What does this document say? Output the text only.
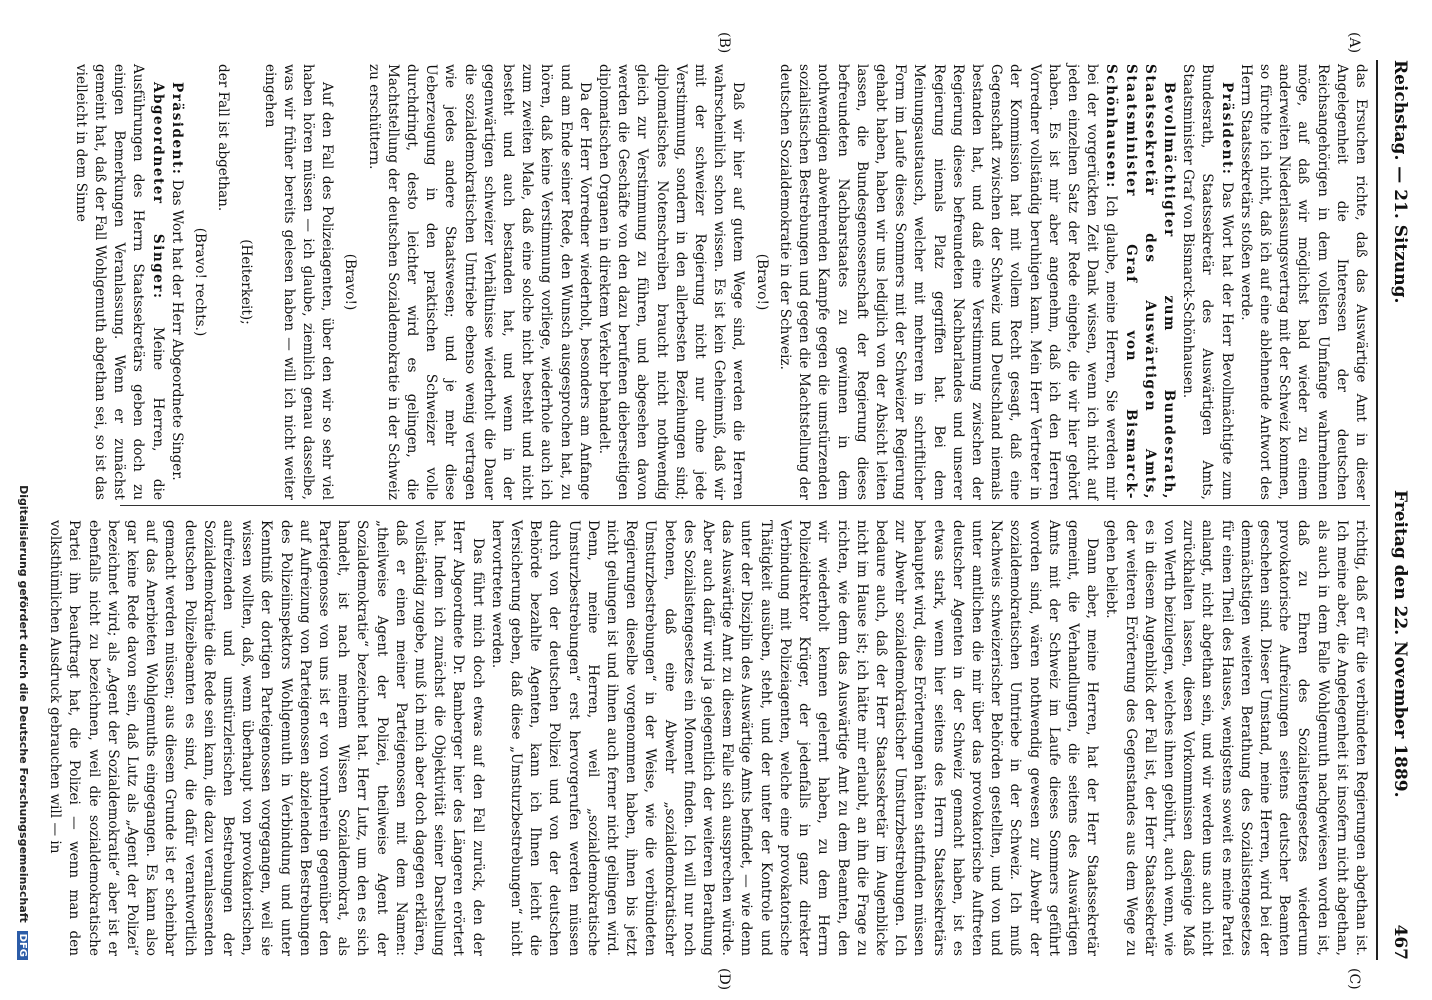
Reichstag. — 21. Sitzung.
Freitag den 22. November 1889.
467
(A)
(B)
(C)
(D)

das Ersuchen richte, daß das Auswärtige Amt in dieser Angelegenheit die Interessen der deutschen Reichsangehörigen in dem vollsten Umfange wahrnehmen möge, auf daß wir möglichst bald wieder zu einem anderweiten Niederlassungsvertrag mit der Schweiz kommen, so fürchte ich nicht, daß ich auf eine ablehnende Antwort des Herrn Staatssekretärs stoßen werde.

Präsident: Das Wort hat der Herr Bevollmächtigte zum Bundesrath, Staatssekretär des Auswärtigen Amts, Staatsminister Graf von Bismarck-Schönhausen.

Bevollmächtigter zum Bundesrath, Staatssekretär des Auswärtigen Amts, Staatsminister Graf von Bismarck-Schönhausen: Ich glaube, meine Herren, Sie werden mir bei der vorgerückten Zeit Dank wissen, wenn ich nicht auf jeden einzelnen Satz der Rede eingehe, die wir hier gehört haben. Es ist mir aber angenehm, daß ich den Herren Vorredner vollständig beruhigen kann. Mein Herr Vertreter in der Kommission hat mit vollem Recht gesagt, daß eine Gegenschaft zwischen der Schweiz und Deutschland niemals bestanden hat, und daß eine Verstimmung zwischen der Regierung dieses befreundeten Nachbarlandes und unserer Regierung niemals Platz gegriffen hat. Bei dem Meinungsaustausch, welcher mit mehreren in schriftlicher Form im Laufe dieses Sommers mit der Schweizer Regierung gehabt haben, haben wir uns lediglich von der Absicht leiten lassen, die Bundesgenossenschaft der Regierung dieses befreundeten Nachbarstaates zu gewinnen in dem nothwendigen abwehrenden Kampfe gegen die umstürzenden sozialistischen Bestrebungen und gegen die Machtstellung der deutschen Sozialdemokratie in der Schweiz.

(Bravo!)

Daß wir hier auf gutem Wege sind, werden die Herren wahrscheinlich schon wissen. Es ist kein Geheimniß, daß wir mit der schweizer Regierung nicht nur ohne jede Verstimmung, sondern in den allerbesten Beziehungen sind; diplomatisches Notenschreiben braucht nicht nothwendig gleich zur Verstimmung zu führen, und abgesehen davon werden die Geschäfte von den dazu berufenen dieberseitigen diplomatischen Organen in direktem Verkehr behandelt.

Da der Herr Vorredner wiederholt, besonders am Anfange und am Ende seiner Rede, den Wunsch ausgesprochen hat, zu hören, daß keine Verstimmung vorliege, wiederhole auch ich zum zweiten Male, daß eine solche nicht besteht und nicht besteht und auch bestanden hat, und wenn in der gegenwärtigen schweizer Verhältnisse wiederholt die Dauer die sozialdemokratischen Umtriebe ebenso wenig vertragen wie jedes andere Staatswesen; und je mehr diese Ueberzeugung in den praktischen Schweizer volle durchdringt, desto leichter wird es gelingen, die Machtstellung der deutschen Sozialdemokratie in der Schweiz zu erschüttern.

(Bravo!)

Auf den Fall des Polizeiagenten, über den wir so sehr viel haben hören müssen — ich glaube, ziemlich genau dasselbe, was wir früher bereits gelesen haben — will ich nicht weiter eingehen

(Heiterkeit);

der Fall ist abgethan.

(Bravo! rechts.)

Präsident: Das Wort hat der Herr Abgeordnete Singer.

Abgeordneter Singer: Meine Herren, die Ausführungen des Herrn Staatssekretärs geben doch zu einigen Bemerkungen Veranlassung. Wenn er zunächst gemeint hat, daß der Fall Wohlgemuth abgethan sei, so ist das vielleicht in dem Sinne

richtig, daß er für die verbündeten Regierungen abgethan ist. Ich meine aber, die Angelegenheit ist insofern nicht abgethan, als auch in dem Falle Wohlgemuth nachgewiesen worden ist, daß zu Ehren des Sozialistengesetzes wiederum provokatorische Aufreizungen seitens deutscher Beamten geschehen sind. Dieser Umstand, meine Herren, wird bei der demnächstigen weiteren Berathung des Sozialistengesetzes für einen Theil des Hauses, wenigstens soweit es meine Partei anlangt, nicht abgethan sein, und wir werden uns auch nicht zurückhalten lassen, diesen Vorkommnissen dasjenige Maß von Werth beizulegen, welches ihnen gebührt, auch wenn, wie es in diesem Augenblick der Fall ist, der Herr Staatssekretär der weiteren Erörterung des Gegenstandes aus dem Wege zu gehen beliebt.

Dann aber, meine Herren, hat der Herr Staatssekretär gemeint, die Verhandlungen, die seitens des Auswärtigen Amts mit der Schweiz im Laufe dieses Sommers geführt worden sind, wären nothwendig gewesen zur Abwehr der sozialdemokratischen Umtriebe in der Schweiz. Ich muß Nachweis schweizerischer Behörden gestellten, und von und unter amtlichen die mir über das provokatorische Auftreten deutscher Agenten in der Schweiz gemacht haben, ist es etwas stark, wenn hier seitens des Herrn Staatssekretärs behauptet wird, diese Erörterungen hätten stattfinden müssen zur Abwehr sozialdemokratischer Umsturzbestrebungen. Ich bedaure auch, daß der Herr Staatssekretär im Augenblicke nicht im Hause ist; ich hätte mir erlaubt, an ihn die Frage zu richten, wie denn das Auswärtige Amt zu dem Beamten, den wir wiederholt kennen gelernt haben, zu dem Herrn Polizeidirektor Krüger, der jedenfalls in ganz direkter Verbindung mit Polizeiagenten, welche eine provokatorische Thätigkeit ausüben, steht, und der unter der Kontrole und unter der Disziplin des Auswärtige Amts befindet, — wie denn das Auswärtige Amt zu diesem Falle sich aussprechen würde. Aber auch dafür wird ja gelegentlich der weiteren Berathung des Sozialistengesetzes ein Moment finden. Ich will nur noch betonen, daß eine Abwehr „sozialdemokratischer Umsturzbestrebungen“ in der Weise, wie die verbündeten Regierungen dieselbe vorgenommen haben, ihnen bis jetzt nicht gelungen ist und ihnen auch ferner nicht gelingen wird. Denn, meine Herren, weil „sozialdemokratische Umsturzbestrebungen“ erst hervorgerufen werden müssen durch von der deutschen Polizei und von der deutschen Behörde bezahlte Agenten, kann ich Ihnen leicht die Versicherung geben, daß diese „Umsturzbestrebungen“ nicht hervortreten werden.

Das führt mich doch etwas auf den Fall zurück, den der Herr Abgeordnete Dr. Bamberger hier des Längeren erörtert hat. Indem ich zunächst die Objektivität seiner Darstellung vollständig zugebe, muß ich mich aber doch dagegen erklären, daß er einen meiner Parteigenossen mit dem Namen: „theilweise Agent der Polizei, theilweise Agent der Sozialdemokratie“ bezeichnet hat. Herr Lutz, um den es sich handelt, ist nach meinem Wissen Sozialdemokrat, als Parteigenosse von uns ist er von vornherein gegenüber den auf Aufreizung von Parteigenossen abzielenden Bestrebungen des Polizeiinspektors Wohlgemuth in Verbindung und unter Kenntniß der dortigen Parteigenossen vorgegangen, weil sie wissen wollten, daß, wenn überhaupt von provokatorischen, aufreizenden und umstürzlerischen Bestrebungen der Sozialdemokratie die Rede sein kann, die dazu veranlassenden deutschen Polizeibeamten es sind, die dafür verantwortlich gemacht werden müssen; aus diesem Grunde ist er scheinbar auf das Anerbieten Wohlgemuths eingegangen. Es kann also gar keine Rede davon sein, daß Lutz als „Agent der Polizei“ bezeichnet wird; als „Agent der Sozialdemokratie“ aber ist er ebenfalls nicht zu bezeichnen, weil die sozialdemokratische Partei ihn beauftragt hat, die Polizei — wenn man den volksthümlichen Ausdruck gebrauchen will — in

Digitalisierung gefördert durch die Deutsche Forschungsgemeinschaft DFG
